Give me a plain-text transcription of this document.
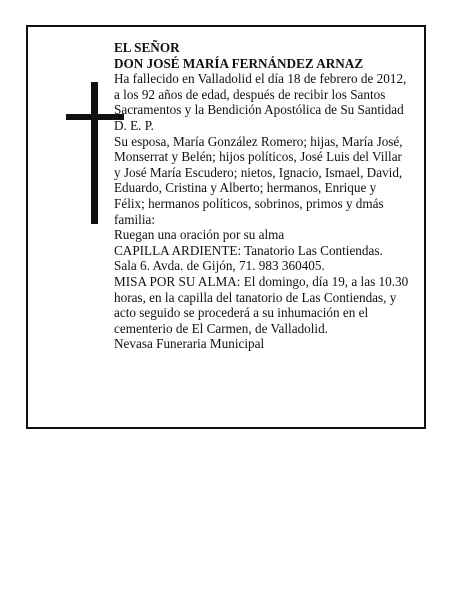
EL SEÑOR
DON JOSÉ MARÍA FERNÁNDEZ ARNAZ
Ha fallecido en Valladolid el día 18 de febrero de 2012,
a los 92 años de edad, después de recibir los Santos
Sacramentos y la Bendición Apostólica de Su Santidad
D. E. P.
Su esposa, María González Romero; hijas, María José,
Monserrat y Belén; hijos políticos, José Luis del Villar
y José María Escudero; nietos, Ignacio, Ismael, David,
Eduardo, Cristina y Alberto; hermanos, Enrique y
Félix; hermanos políticos, sobrinos, primos y dmás
familia:
Ruegan una oración por su alma
CAPILLA ARDIENTE: Tanatorio Las Contiendas.
Sala 6. Avda. de Gijón, 71. 983 360405.
MISA POR SU ALMA: El domingo, día 19, a las 10.30
horas, en la capilla del tanatorio de Las Contiendas, y
acto seguido se procederá a su inhumación en el
cementerio de El Carmen, de Valladolid.
Nevasa Funeraria Municipal
